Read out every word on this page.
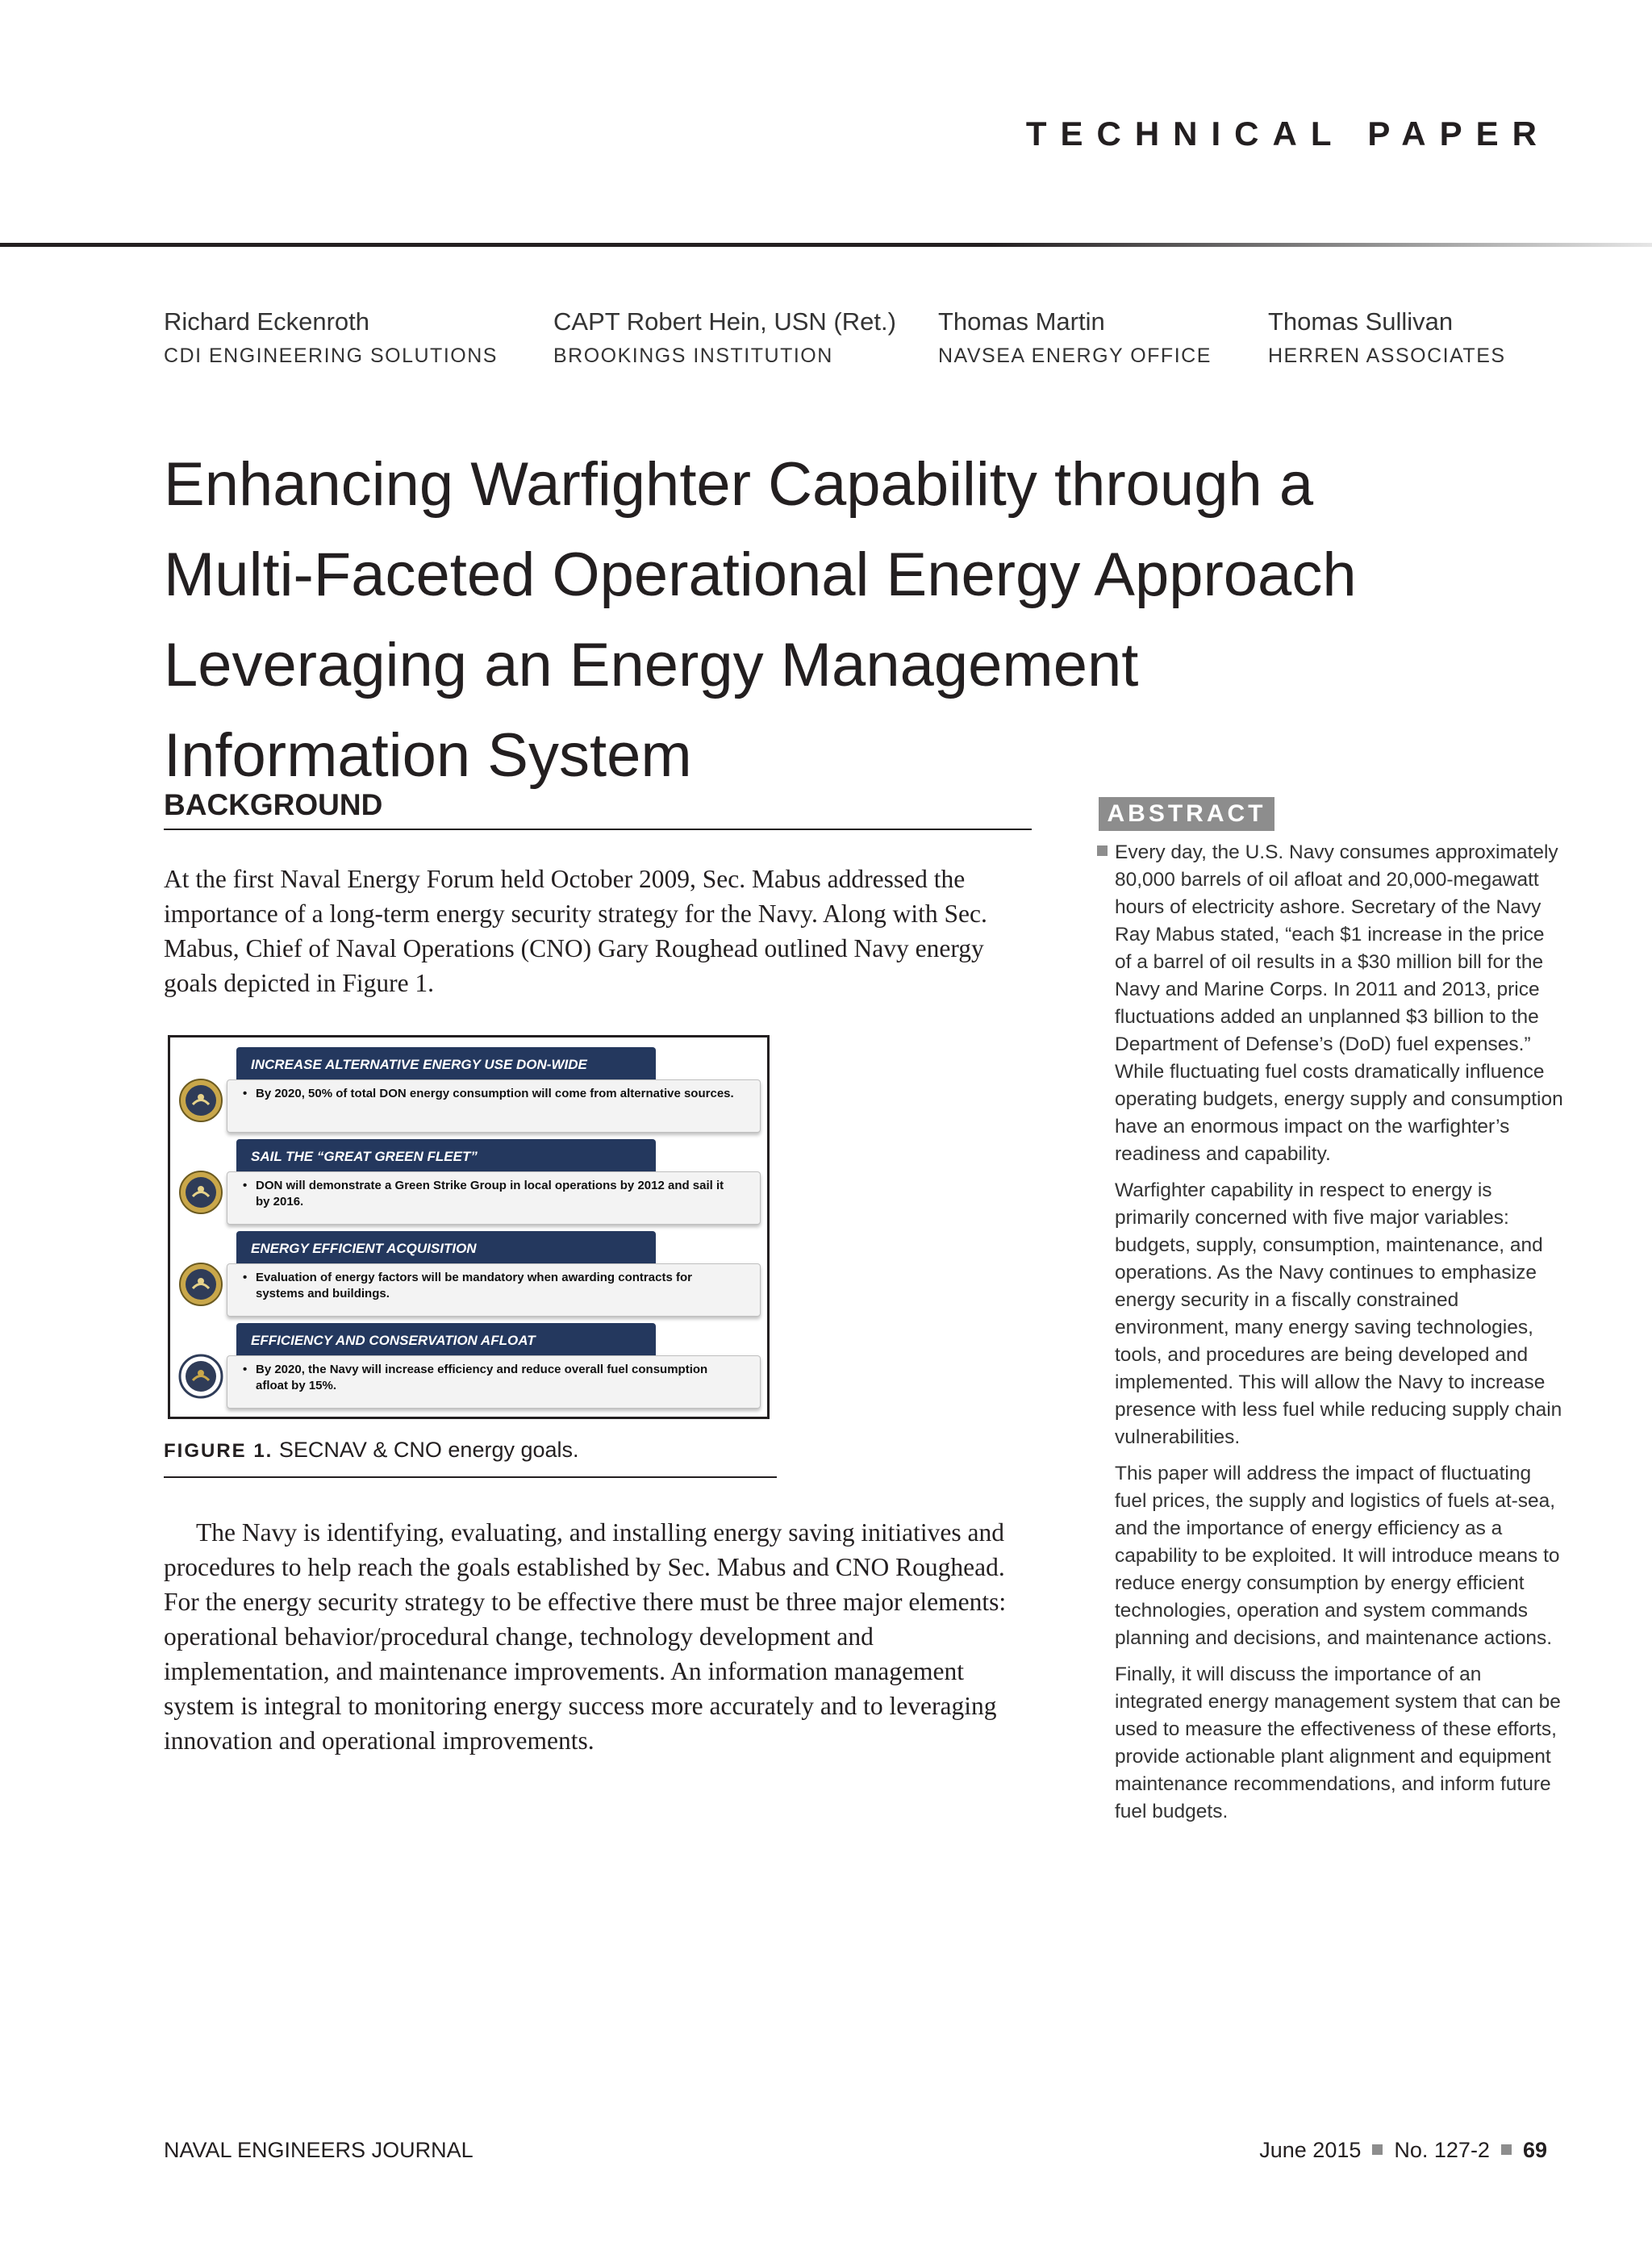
TECHNICAL PAPER
Richard Eckenroth
CDI ENGINEERING SOLUTIONS
CAPT Robert Hein, USN (Ret.)
BROOKINGS INSTITUTION
Thomas Martin
NAVSEA ENERGY OFFICE
Thomas Sullivan
HERREN ASSOCIATES
Enhancing Warfighter Capability through a Multi-Faceted Operational Energy Approach Leveraging an Energy Management Information System
BACKGROUND
At the first Naval Energy Forum held October 2009, Sec. Mabus addressed the importance of a long-term energy security strategy for the Navy. Along with Sec. Mabus, Chief of Naval Operations (CNO) Gary Roughead outlined Navy energy goals depicted in Figure 1.
INCREASE ALTERNATIVE ENERGY USE DON-WIDE
• By 2020, 50% of total DON energy consumption will come from alternative sources.
SAIL THE “GREAT GREEN FLEET”
• DON will demonstrate a Green Strike Group in local operations by 2012 and sail it by 2016.
ENERGY EFFICIENT ACQUISITION
• Evaluation of energy factors will be mandatory when awarding contracts for systems and buildings.
EFFICIENCY AND CONSERVATION AFLOAT
• By 2020, the Navy will increase efficiency and reduce overall fuel consumption afloat by 15%.
FIGURE 1. SECNAV & CNO energy goals.
The Navy is identifying, evaluating, and installing energy saving initiatives and procedures to help reach the goals established by Sec. Mabus and CNO Roughead. For the energy security strategy to be effective there must be three major elements: operational behavior/procedural change, technology development and implementation, and maintenance improvements. An information management system is integral to monitoring energy success more accurately and to leveraging innovation and operational improvements.
ABSTRACT

Every day, the U.S. Navy consumes approximately 80,000 barrels of oil afloat and 20,000-megawatt hours of electricity ashore. Secretary of the Navy Ray Mabus stated, “each $1 increase in the price of a barrel of oil results in a $30 million bill for the Navy and Marine Corps. In 2011 and 2013, price fluctuations added an unplanned $3 billion to the Department of Defense’s (DoD) fuel expenses.” While fluctuating fuel costs dramatically influence operating budgets, energy supply and consumption have an enormous impact on the warfighter’s readiness and capability.

Warfighter capability in respect to energy is primarily concerned with five major variables: budgets, supply, consumption, maintenance, and operations. As the Navy continues to emphasize energy security in a fiscally constrained environment, many energy saving technologies, tools, and procedures are being developed and implemented. This will allow the Navy to increase presence with less fuel while reducing supply chain vulnerabilities.

This paper will address the impact of fluctuating fuel prices, the supply and logistics of fuels at-sea, and the importance of energy efficiency as a capability to be exploited. It will introduce means to reduce energy consumption by energy efficient technologies, operation and system commands planning and decisions, and maintenance actions.

Finally, it will discuss the importance of an integrated energy management system that can be used to measure the effectiveness of these efforts, provide actionable plant alignment and equipment maintenance recommendations, and inform future fuel budgets.

NAVAL ENGINEERS JOURNAL	June 2015 No. 127-2 69
